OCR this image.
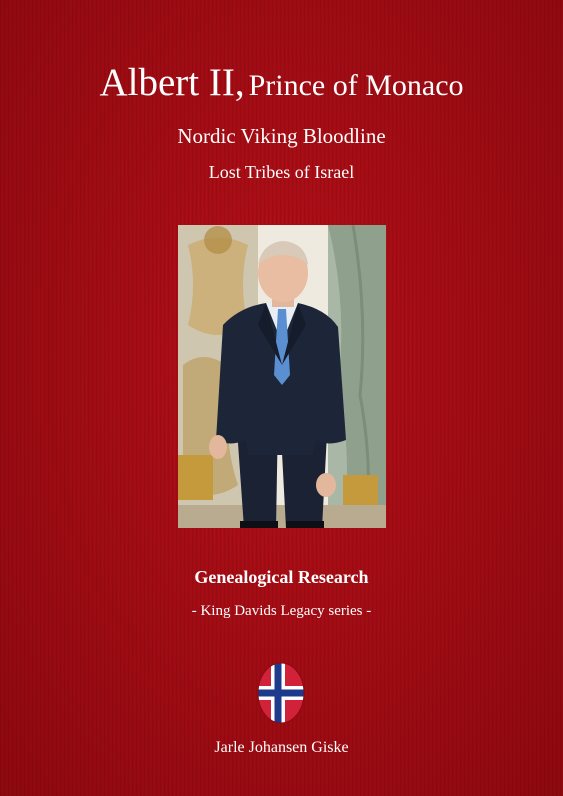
Albert II, Prince of Monaco
Nordic Viking Bloodline
Lost Tribes of Israel
Genealogical Research
- King Davids Legacy series -
Jarle Johansen Giske
